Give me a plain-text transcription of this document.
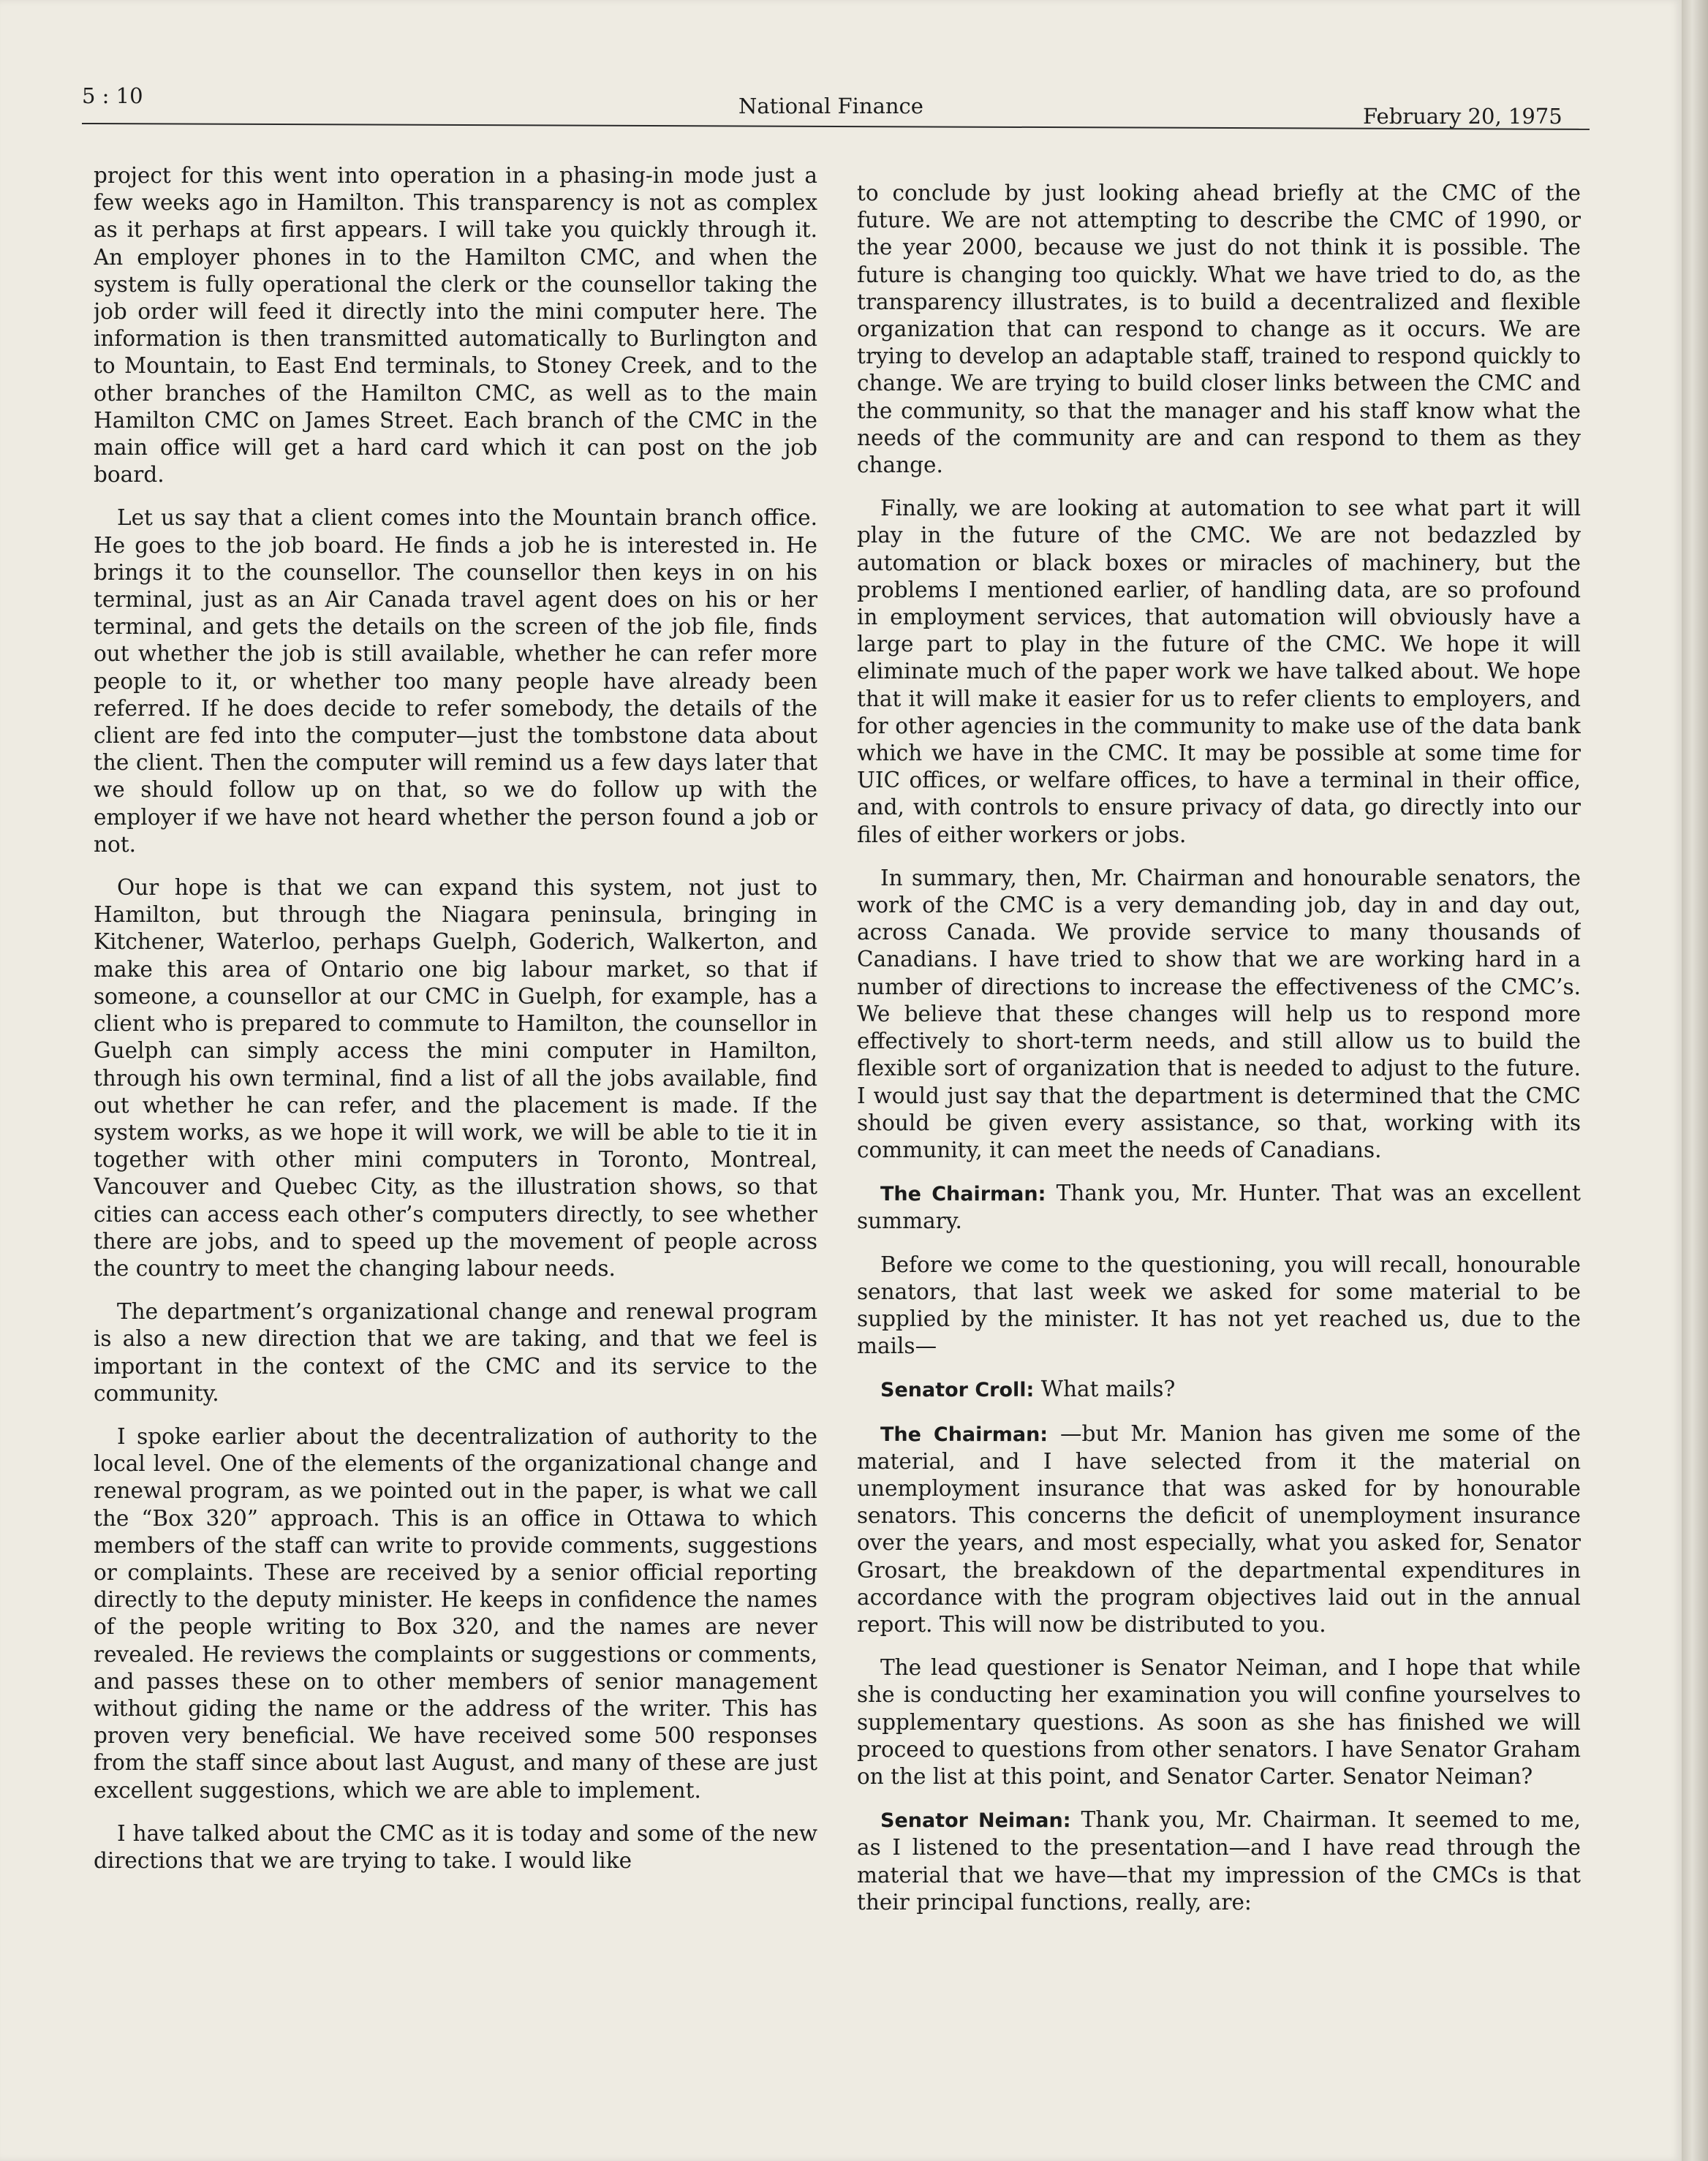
5 : 10	National Finance	February 20, 1975

project for this went into operation in a phasing-in mode just a few weeks ago in Hamilton. This transparency is not as complex as it perhaps at first appears. I will take you quickly through it. An employer phones in to the Hamilton CMC, and when the system is fully operational the clerk or the counsellor taking the job order will feed it directly into the mini computer here. The information is then transmitted automatically to Burlington and to Mountain, to East End terminals, to Stoney Creek, and to the other branches of the Hamilton CMC, as well as to the main Hamilton CMC on James Street. Each branch of the CMC in the main office will get a hard card which it can post on the job board.

Let us say that a client comes into the Mountain branch office. He goes to the job board. He finds a job he is interested in. He brings it to the counsellor. The counsellor then keys in on his terminal, just as an Air Canada travel agent does on his or her terminal, and gets the details on the screen of the job file, finds out whether the job is still available, whether he can refer more people to it, or whether too many people have already been referred. If he does decide to refer somebody, the details of the client are fed into the computer—just the tombstone data about the client. Then the computer will remind us a few days later that we should follow up on that, so we do follow up with the employer if we have not heard whether the person found a job or not.

Our hope is that we can expand this system, not just to Hamilton, but through the Niagara peninsula, bringing in Kitchener, Waterloo, perhaps Guelph, Goderich, Walkerton, and make this area of Ontario one big labour market, so that if someone, a counsellor at our CMC in Guelph, for example, has a client who is prepared to commute to Hamilton, the counsellor in Guelph can simply access the mini computer in Hamilton, through his own terminal, find a list of all the jobs available, find out whether he can refer, and the placement is made. If the system works, as we hope it will work, we will be able to tie it in together with other mini computers in Toronto, Montreal, Vancouver and Quebec City, as the illustration shows, so that cities can access each other’s computers directly, to see whether there are jobs, and to speed up the movement of people across the country to meet the changing labour needs.

The department’s organizational change and renewal program is also a new direction that we are taking, and that we feel is important in the context of the CMC and its service to the community.

I spoke earlier about the decentralization of authority to the local level. One of the elements of the organizational change and renewal program, as we pointed out in the paper, is what we call the “Box 320” approach. This is an office in Ottawa to which members of the staff can write to provide comments, suggestions or complaints. These are received by a senior official reporting directly to the deputy minister. He keeps in confidence the names of the people writing to Box 320, and the names are never revealed. He reviews the complaints or suggestions or comments, and passes these on to other members of senior management without giding the name or the address of the writer. This has proven very beneficial. We have received some 500 responses from the staff since about last August, and many of these are just excellent suggestions, which we are able to implement.

I have talked about the CMC as it is today and some of the new directions that we are trying to take. I would like

to conclude by just looking ahead briefly at the CMC of the future. We are not attempting to describe the CMC of 1990, or the year 2000, because we just do not think it is possible. The future is changing too quickly. What we have tried to do, as the transparency illustrates, is to build a decentralized and flexible organization that can respond to change as it occurs. We are trying to develop an adaptable staff, trained to respond quickly to change. We are trying to build closer links between the CMC and the community, so that the manager and his staff know what the needs of the community are and can respond to them as they change.

Finally, we are looking at automation to see what part it will play in the future of the CMC. We are not bedazzled by automation or black boxes or miracles of machinery, but the problems I mentioned earlier, of handling data, are so profound in employment services, that automation will obviously have a large part to play in the future of the CMC. We hope it will eliminate much of the paper work we have talked about. We hope that it will make it easier for us to refer clients to employers, and for other agencies in the community to make use of the data bank which we have in the CMC. It may be possible at some time for UIC offices, or welfare offices, to have a terminal in their office, and, with controls to ensure privacy of data, go directly into our files of either workers or jobs.

In summary, then, Mr. Chairman and honourable senators, the work of the CMC is a very demanding job, day in and day out, across Canada. We provide service to many thousands of Canadians. I have tried to show that we are working hard in a number of directions to increase the effectiveness of the CMC’s. We believe that these changes will help us to respond more effectively to short-term needs, and still allow us to build the flexible sort of organization that is needed to adjust to the future. I would just say that the department is determined that the CMC should be given every assistance, so that, working with its community, it can meet the needs of Canadians.

The Chairman: Thank you, Mr. Hunter. That was an excellent summary.

Before we come to the questioning, you will recall, honourable senators, that last week we asked for some material to be supplied by the minister. It has not yet reached us, due to the mails—

Senator Croll: What mails?

The Chairman: —but Mr. Manion has given me some of the material, and I have selected from it the material on unemployment insurance that was asked for by honourable senators. This concerns the deficit of unemployment insurance over the years, and most especially, what you asked for, Senator Grosart, the breakdown of the departmental expenditures in accordance with the program objectives laid out in the annual report. This will now be distributed to you.

The lead questioner is Senator Neiman, and I hope that while she is conducting her examination you will confine yourselves to supplementary questions. As soon as she has finished we will proceed to questions from other senators. I have Senator Graham on the list at this point, and Senator Carter. Senator Neiman?

Senator Neiman: Thank you, Mr. Chairman. It seemed to me, as I listened to the presentation—and I have read through the material that we have—that my impression of the CMCs is that their principal functions, really, are:
